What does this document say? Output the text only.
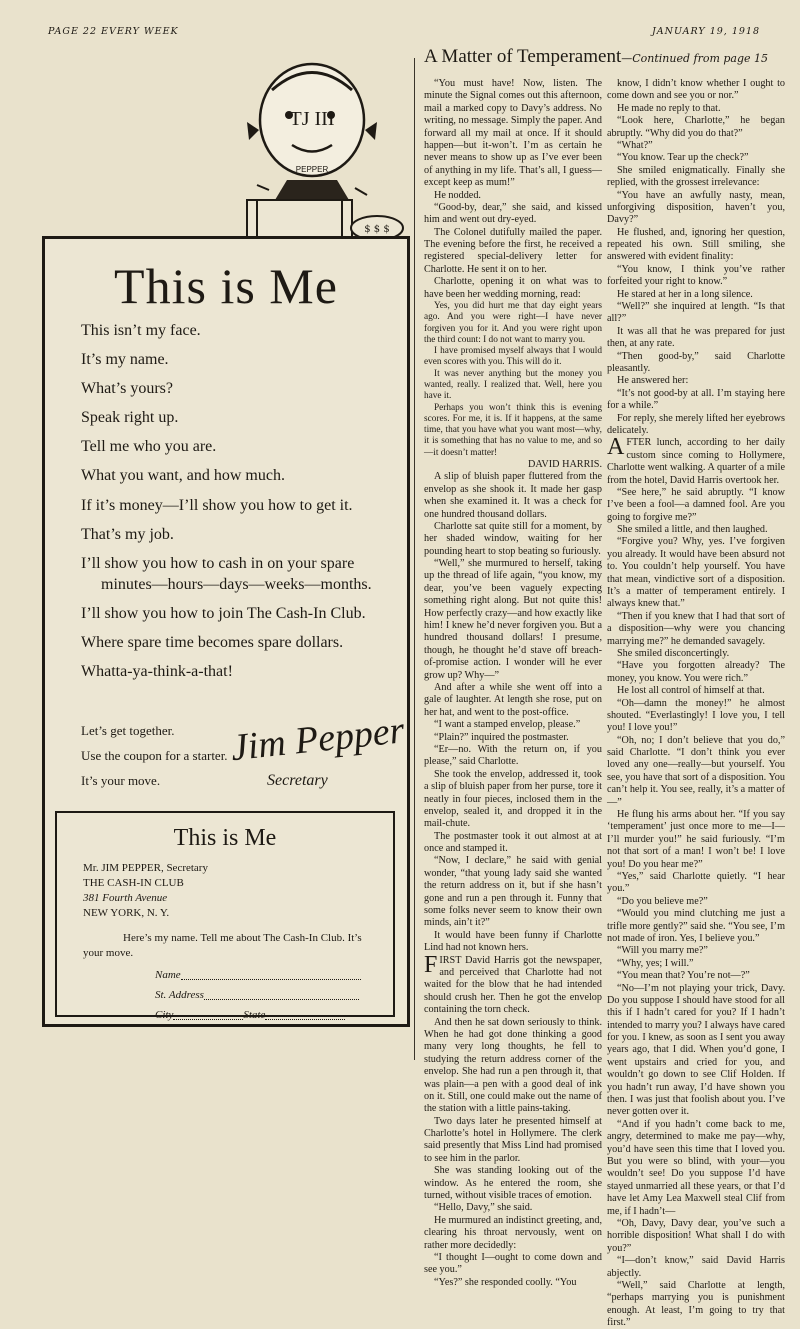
PAGE 22 EVERY WEEK	JANUARY 19, 1918
$ $ $
TJ III
PEPPER
This is Me

This isn’t my face.

It’s my name.

What’s yours?

Speak right up.

Tell me who you are.

What you want, and how much.

If it’s money—I’ll show you how to get it.

That’s my job.

I’ll show you how to cash in on your spare minutes—hours—days—weeks—months.

I’ll show you how to join The Cash-In Club.

Where spare time becomes spare dollars.

Whatta-ya-think-a-that!

Let’s get together.

Use the coupon for a starter.

It’s your move.

Jim Pepper
Secretary
This is Me
Mr. JIM PEPPER, Secretary
THE CASH-IN CLUB
381 Fourth Avenue
NEW YORK, N. Y.
Here’s my name. Tell me about The Cash-In Club. It’s your move.
Name
St. Address
City	State
A Matter of Temperament—Continued from page 15

“You must have! Now, listen. The minute the Signal comes out this afternoon, mail a marked copy to Davy’s address. No writing, no message. Simply the paper. And forward all my mail at once. If it should happen—but it-won’t. I’m as certain he never means to show up as I’ve ever been of anything in my life. That’s all, I guess—except keep as mum!”

He nodded.

“Good-by, dear,” she said, and kissed him and went out dry-eyed.

The Colonel dutifully mailed the paper. The evening before the first, he received a registered special-delivery letter for Charlotte. He sent it on to her.

Charlotte, opening it on what was to have been her wedding morning, read:

Yes, you did hurt me that day eight years ago. And you were right—I have never forgiven you for it. And you were right upon the third count: I do not want to marry you.

I have promised myself always that I would even scores with you. This will do it.

It was never anything but the money you wanted, really. I realized that. Well, here you have it.

Perhaps you won’t think this is evening scores. For me, it is. If it happens, at the same time, that you have what you want most—why, it is something that has no value to me, and so—it doesn’t matter!

DAVID HARRIS.

A slip of bluish paper fluttered from the envelop as she shook it. It made her gasp when she examined it. It was a check for one hundred thousand dollars.

Charlotte sat quite still for a moment, by her shaded window, waiting for her pounding heart to stop beating so furiously.

“Well,” she murmured to herself, taking up the thread of life again, “you know, my dear, you’ve been vaguely expecting something right along. But not quite this! How perfectly crazy—and how exactly like him! I knew he’d never forgiven you. But a hundred thousand dollars! I presume, though, he thought he’d stave off breach-of-promise action. I wonder will he ever grow up? Why—”

And after a while she went off into a gale of laughter. At length she rose, put on her hat, and went to the post-office.

“I want a stamped envelop, please.”

“Plain?” inquired the postmaster.

“Er—no. With the return on, if you please,” said Charlotte.

She took the envelop, addressed it, took a slip of bluish paper from her purse, tore it neatly in four pieces, inclosed them in the envelop, sealed it, and dropped it in the mail-chute.

The postmaster took it out almost at at once and stamped it.

“Now, I declare,” he said with genial wonder, “that young lady said she wanted the return address on it, but if she hasn’t gone and run a pen through it. Funny that some folks never seem to know their own minds, ain’t it?”

It would have been funny if Charlotte Lind had not known hers.

FIRST David Harris got the newspaper, and perceived that Charlotte had not waited for the blow that he had intended should crush her. Then he got the envelop containing the torn check.

And then he sat down seriously to think. When he had got done thinking a good many very long thoughts, he fell to studying the return address corner of the envelop. She had run a pen through it, that was plain—a pen with a good deal of ink on it. Still, one could make out the name of the station with a little pains-taking.

Two days later he presented himself at Charlotte’s hotel in Hollymere. The clerk said presently that Miss Lind had promised to see him in the parlor.

She was standing looking out of the window. As he entered the room, she turned, without visible traces of emotion.

“Hello, Davy,” she said.

He murmured an indistinct greeting, and, clearing his throat nervously, went on rather more decidedly:

“I thought I—ought to come down and see you.”

“Yes?” she responded coolly. “You

know, I didn’t know whether I ought to come down and see you or nor.”

He made no reply to that.

“Look here, Charlotte,” he began abruptly. “Why did you do that?”

“What?”

“You know. Tear up the check?”

She smiled enigmatically. Finally she replied, with the grossest irrelevance:

“You have an awfully nasty, mean, unforgiving disposition, haven’t you, Davy?”

He flushed, and, ignoring her question, repeated his own. Still smiling, she answered with evident finality:

“You know, I think you’ve rather forfeited your right to know.”

He stared at her in a long silence.

“Well?” she inquired at length. “Is that all?”

It was all that he was prepared for just then, at any rate.

“Then good-by,” said Charlotte pleasantly.

He answered her:

“It’s not good-by at all. I’m staying here for a while.”

For reply, she merely lifted her eyebrows delicately.

AFTER lunch, according to her daily custom since coming to Hollymere, Charlotte went walking. A quarter of a mile from the hotel, David Harris overtook her.

“See here,” he said abruptly. “I know I’ve been a fool—a damned fool. Are you going to forgive me?”

She smiled a little, and then laughed.

“Forgive you? Why, yes. I’ve forgiven you already. It would have been absurd not to. You couldn’t help yourself. You have that mean, vindictive sort of a disposition. It’s a matter of temperament entirely. I always knew that.”

“Then if you knew that I had that sort of a disposition—why were you chancing marrying me?” he demanded savagely.

She smiled disconcertingly.

“Have you forgotten already? The money, you know. You were rich.”

He lost all control of himself at that.

“Oh—damn the money!” he almost shouted. “Everlastingly! I love you, I tell you! I love you!”

“Oh, no; I don’t believe that you do,” said Charlotte. “I don’t think you ever loved any one—really—but yourself. You see, you have that sort of a disposition. You can’t help it. You see, really, it’s a matter of—”

He flung his arms about her. “If you say ‘temperament’ just once more to me—I—I’ll murder you!” he said furiously. “I’m not that sort of a man! I won’t be! I love you! Do you hear me?”

“Yes,” said Charlotte quietly. “I hear you.”

“Do you believe me?”

“Would you mind clutching me just a trifle more gently?” said she. “You see, I’m not made of iron. Yes, I believe you.”

“Will you marry me?”

“Why, yes; I will.”

“You mean that? You’re not—?”

“No—I’m not playing your trick, Davy. Do you suppose I should have stood for all this if I hadn’t cared for you? If I hadn’t intended to marry you? I always have cared for you. I knew, as soon as I sent you away years ago, that I did. When you’d gone, I went upstairs and cried for you, and wouldn’t go down to see Clif Holden. If you hadn’t run away, I’d have shown you then. I was just that foolish about you. I’ve never gotten over it.

“And if you hadn’t come back to me, angry, determined to make me pay—why, you’d have seen this time that I loved you. But you were so blind, with your—you wouldn’t see! Do you suppose I’d have stayed unmarried all these years, or that I’d have let Amy Lea Maxwell steal Clif from me, if I hadn’t—

“Oh, Davy, Davy dear, you’ve such a horrible disposition! What shall I do with you?”

“I—don’t know,” said David Harris abjectly.

“Well,” said Charlotte at length, “perhaps marrying you is punishment enough. At least, I’m going to try that first.”
